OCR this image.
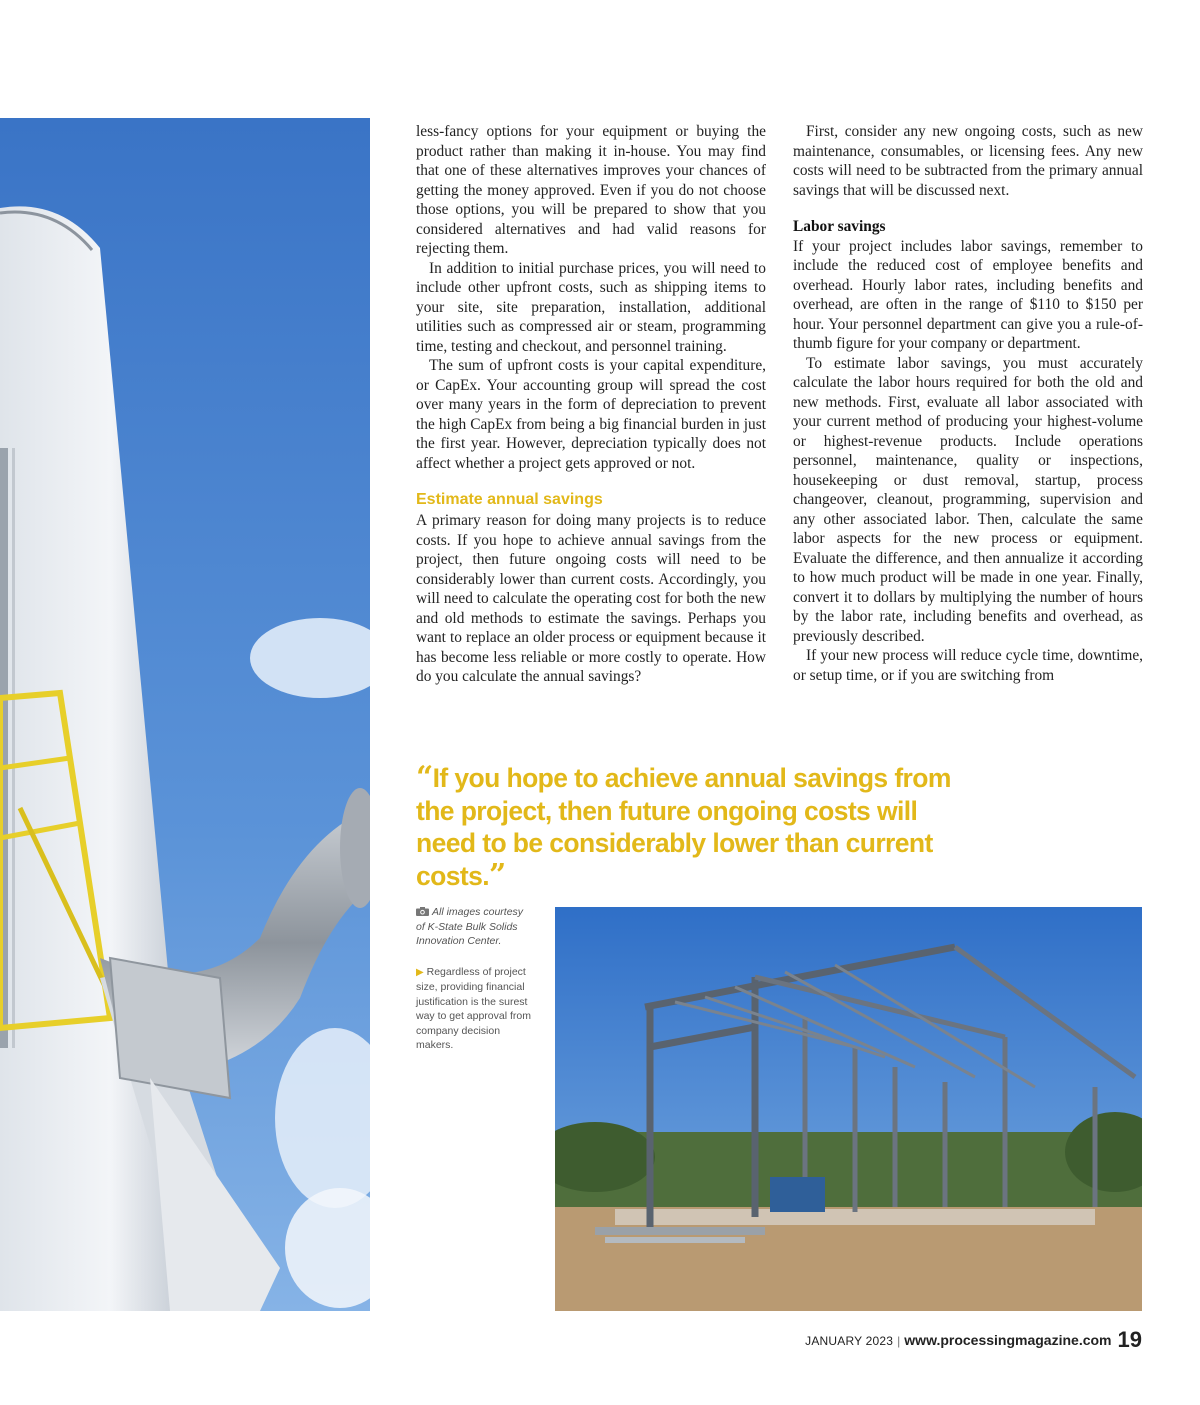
less-fancy options for your equipment or buying the product rather than making it in-house. You may find that one of these alternatives improves your chances of getting the money approved. Even if you do not choose those options, you will be prepared to show that you considered alternatives and had valid reasons for rejecting them.

In addition to initial purchase prices, you will need to include other upfront costs, such as shipping items to your site, site preparation, installation, additional utilities such as compressed air or steam, programming time, testing and checkout, and personnel training.

The sum of upfront costs is your capital expenditure, or CapEx. Your accounting group will spread the cost over many years in the form of depreciation to prevent the high CapEx from being a big financial burden in just the first year. However, depreciation typically does not affect whether a project gets approved or not.

Estimate annual savings

A primary reason for doing many projects is to reduce costs. If you hope to achieve annual savings from the project, then future ongoing costs will need to be considerably lower than current costs. Accordingly, you will need to calculate the operating cost for both the new and old methods to estimate the savings. Perhaps you want to replace an older process or equipment because it has become less reliable or more costly to operate. How do you calculate the annual savings?

First, consider any new ongoing costs, such as new maintenance, consumables, or licensing fees. Any new costs will need to be subtracted from the primary annual savings that will be discussed next.

Labor savings

If your project includes labor savings, remember to include the reduced cost of employee benefits and overhead. Hourly labor rates, including benefits and overhead, are often in the range of $110 to $150 per hour. Your personnel department can give you a rule-of-thumb figure for your company or department.

To estimate labor savings, you must accurately calculate the labor hours required for both the old and new methods. First, evaluate all labor associated with your current method of producing your highest-volume or highest-revenue products. Include operations personnel, maintenance, quality or inspections, housekeeping or dust removal, startup, process changeover, cleanout, programming, supervision and any other associated labor. Then, calculate the same labor aspects for the new process or equipment. Evaluate the difference, and then annualize it according to how much product will be made in one year. Finally, convert it to dollars by multiplying the number of hours by the labor rate, including benefits and overhead, as previously described.

If your new process will reduce cycle time, downtime, or setup time, or if you are switching from

“If you hope to achieve annual savings from the project, then future ongoing costs will need to be considerably lower than current costs.”

All images courtesy of K-State Bulk Solids Innovation Center.

▶ Regardless of project size, providing financial justification is the surest way to get approval from company decision makers.

JANUARY 2023 | www.processingmagazine.com 19
